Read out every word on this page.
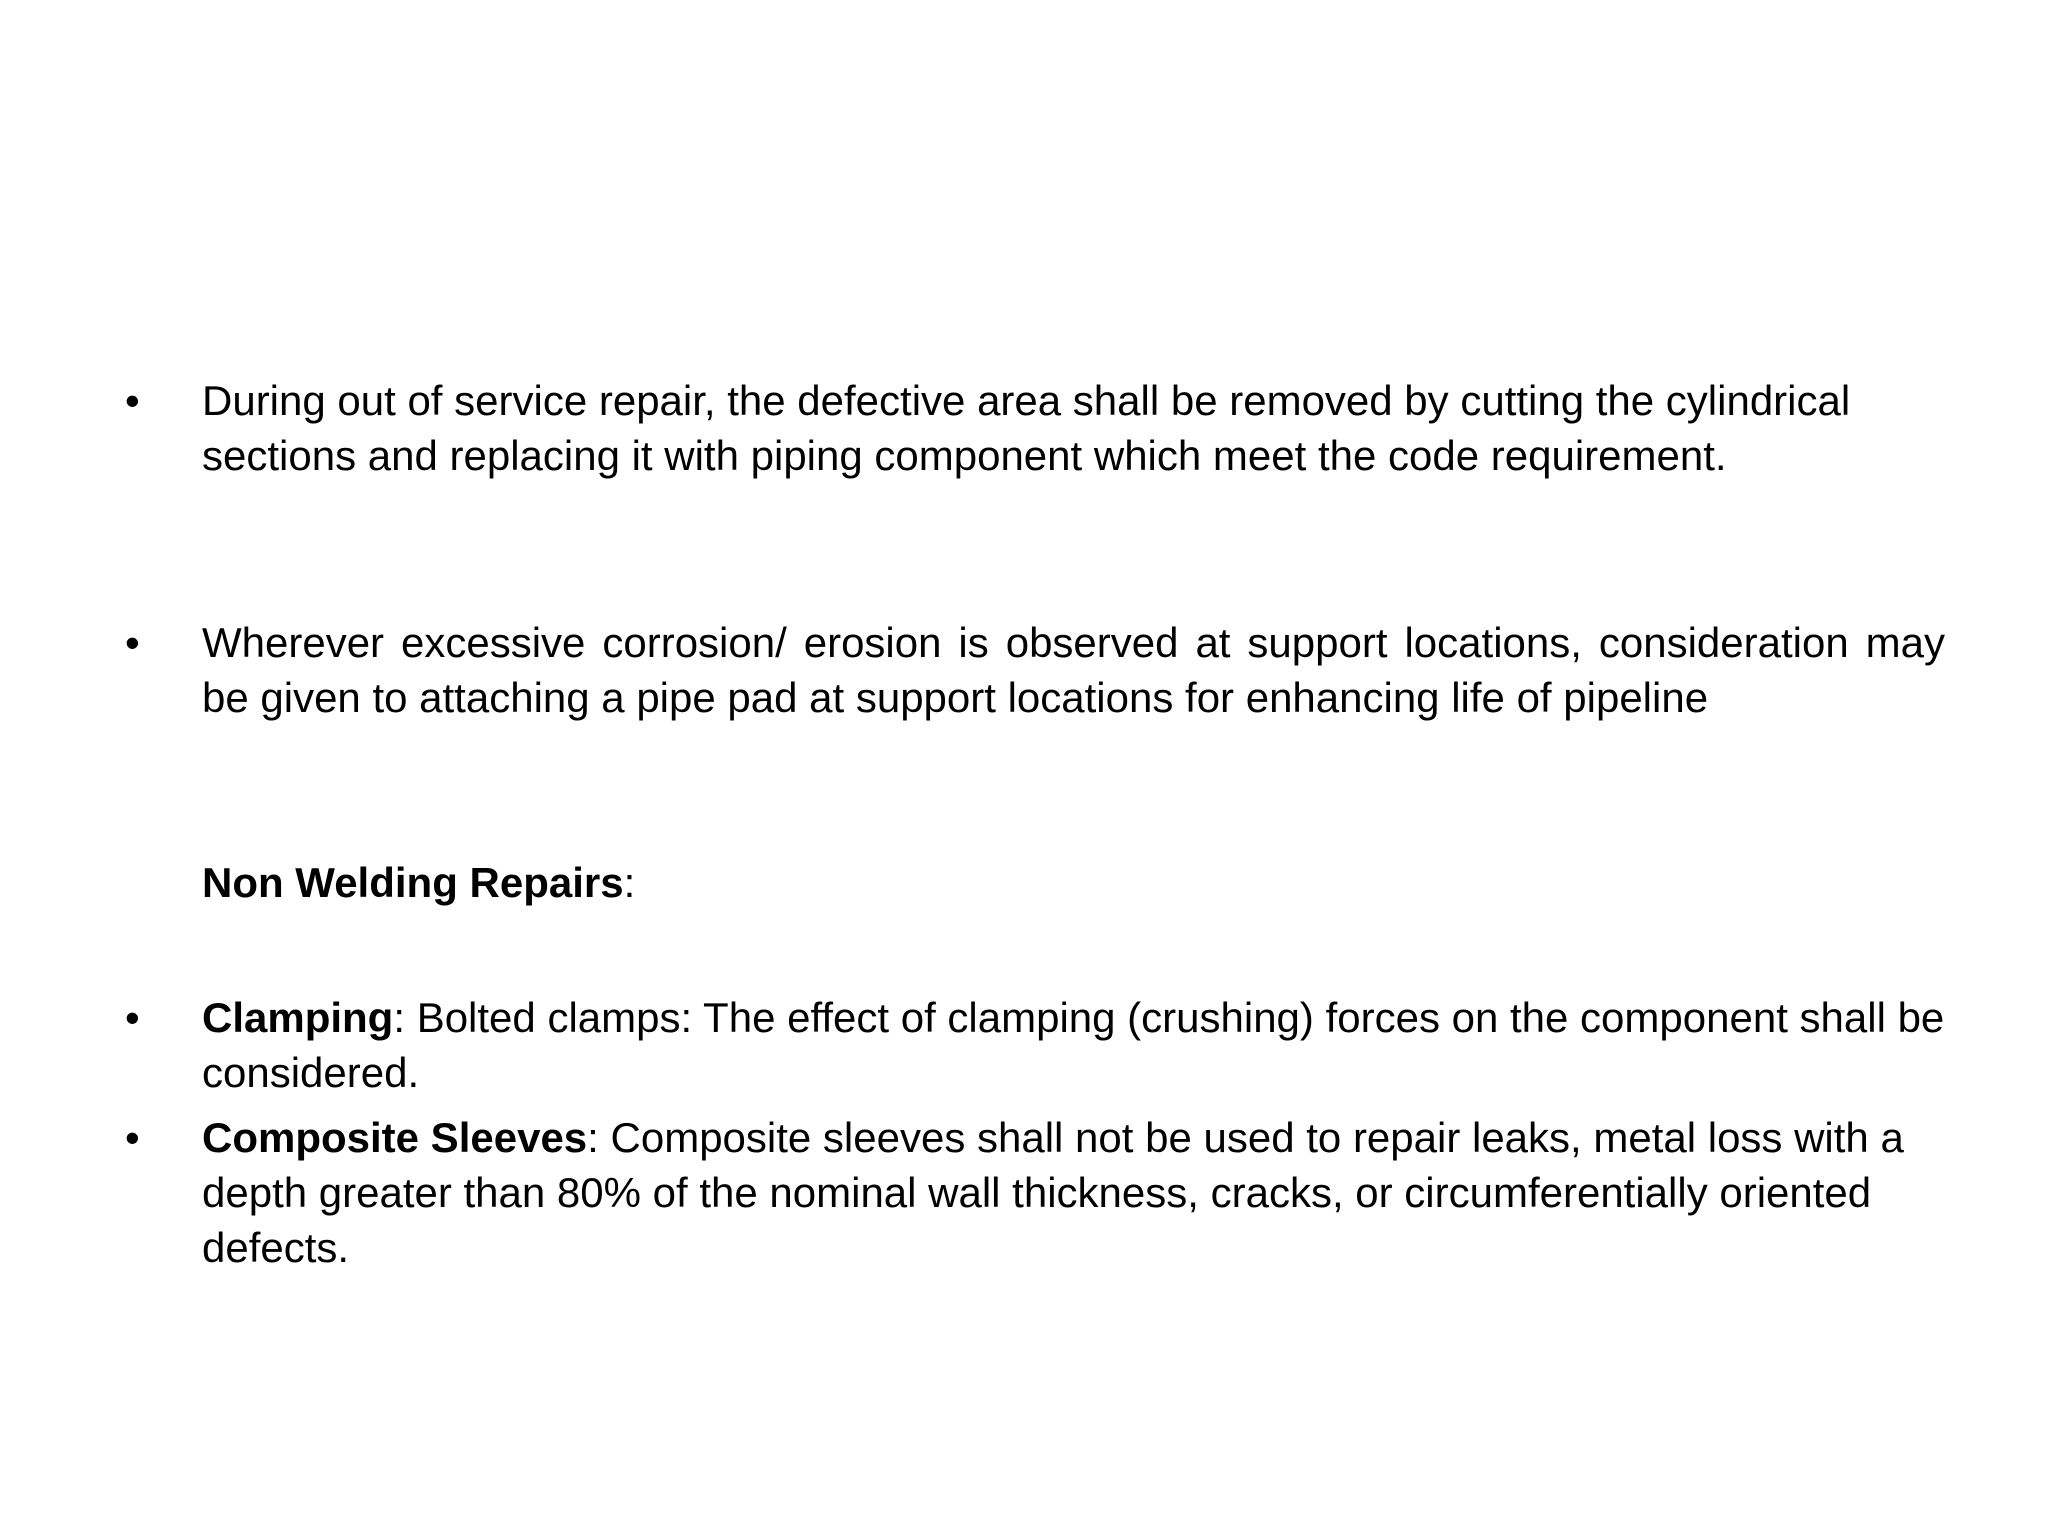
•	During out of service repair, the defective area shall be removed by cutting the cylindrical sections and replacing it with piping component which meet the code requirement.
•	Wherever excessive corrosion/ erosion is observed at support locations, consideration may be given to attaching a pipe pad at support locations for enhancing life of pipeline
Non Welding Repairs:
•	Clamping: Bolted clamps: The effect of clamping (crushing) forces on the component shall be considered.
•	Composite Sleeves: Composite sleeves shall not be used to repair leaks, metal loss with a depth greater than 80% of the nominal wall thickness, cracks, or circumferentially oriented defects.
